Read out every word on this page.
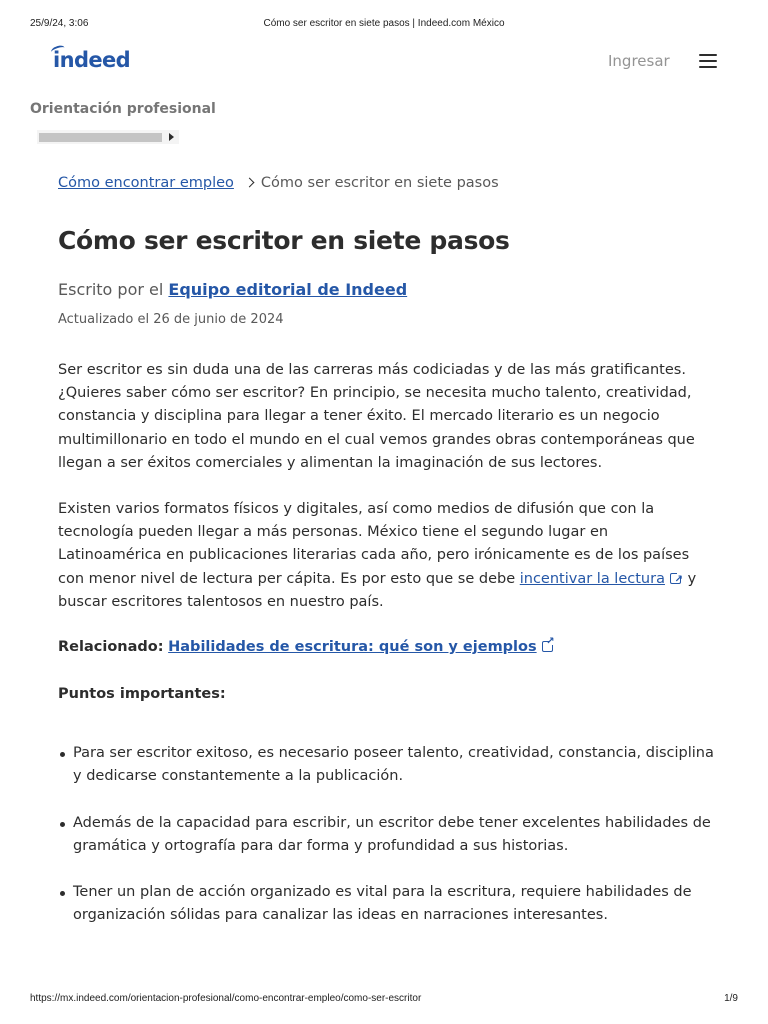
25/9/24, 3:06	Cómo ser escritor en siete pasos | Indeed.com México
indeed	Ingresar
Orientación profesional
Cómo encontrar empleo Cómo ser escritor en siete pasos
Cómo ser escritor en siete pasos
Escrito por el Equipo editorial de Indeed
Actualizado el 26 de junio de 2024

Ser escritor es sin duda una de las carreras más codiciadas y de las más gratificantes. ¿Quieres saber cómo ser escritor? En principio, se necesita mucho talento, creatividad, constancia y disciplina para llegar a tener éxito. El mercado literario es un negocio multimillonario en todo el mundo en el cual vemos grandes obras contemporáneas que llegan a ser éxitos comerciales y alimentan la imaginación de sus lectores.

Existen varios formatos físicos y digitales, así como medios de difusión que con la tecnología pueden llegar a más personas. México tiene el segundo lugar en Latinoamérica en publicaciones literarias cada año, pero irónicamente es de los países con menor nivel de lectura per cápita. Es por esto que se debe incentivar la lectura↗ y buscar escritores talentosos en nuestro país.

Relacionado: Habilidades de escritura: qué son y ejemplos↗
Puntos importantes:
Para ser escritor exitoso, es necesario poseer talento, creatividad, constancia, disciplina y dedicarse constantemente a la publicación.
Además de la capacidad para escribir, un escritor debe tener excelentes habilidades de gramática y ortografía para dar forma y profundidad a sus historias.
Tener un plan de acción organizado es vital para la escritura, requiere habilidades de organización sólidas para canalizar las ideas en narraciones interesantes.
https://mx.indeed.com/orientacion-profesional/como-encontrar-empleo/como-ser-escritor	1/9
